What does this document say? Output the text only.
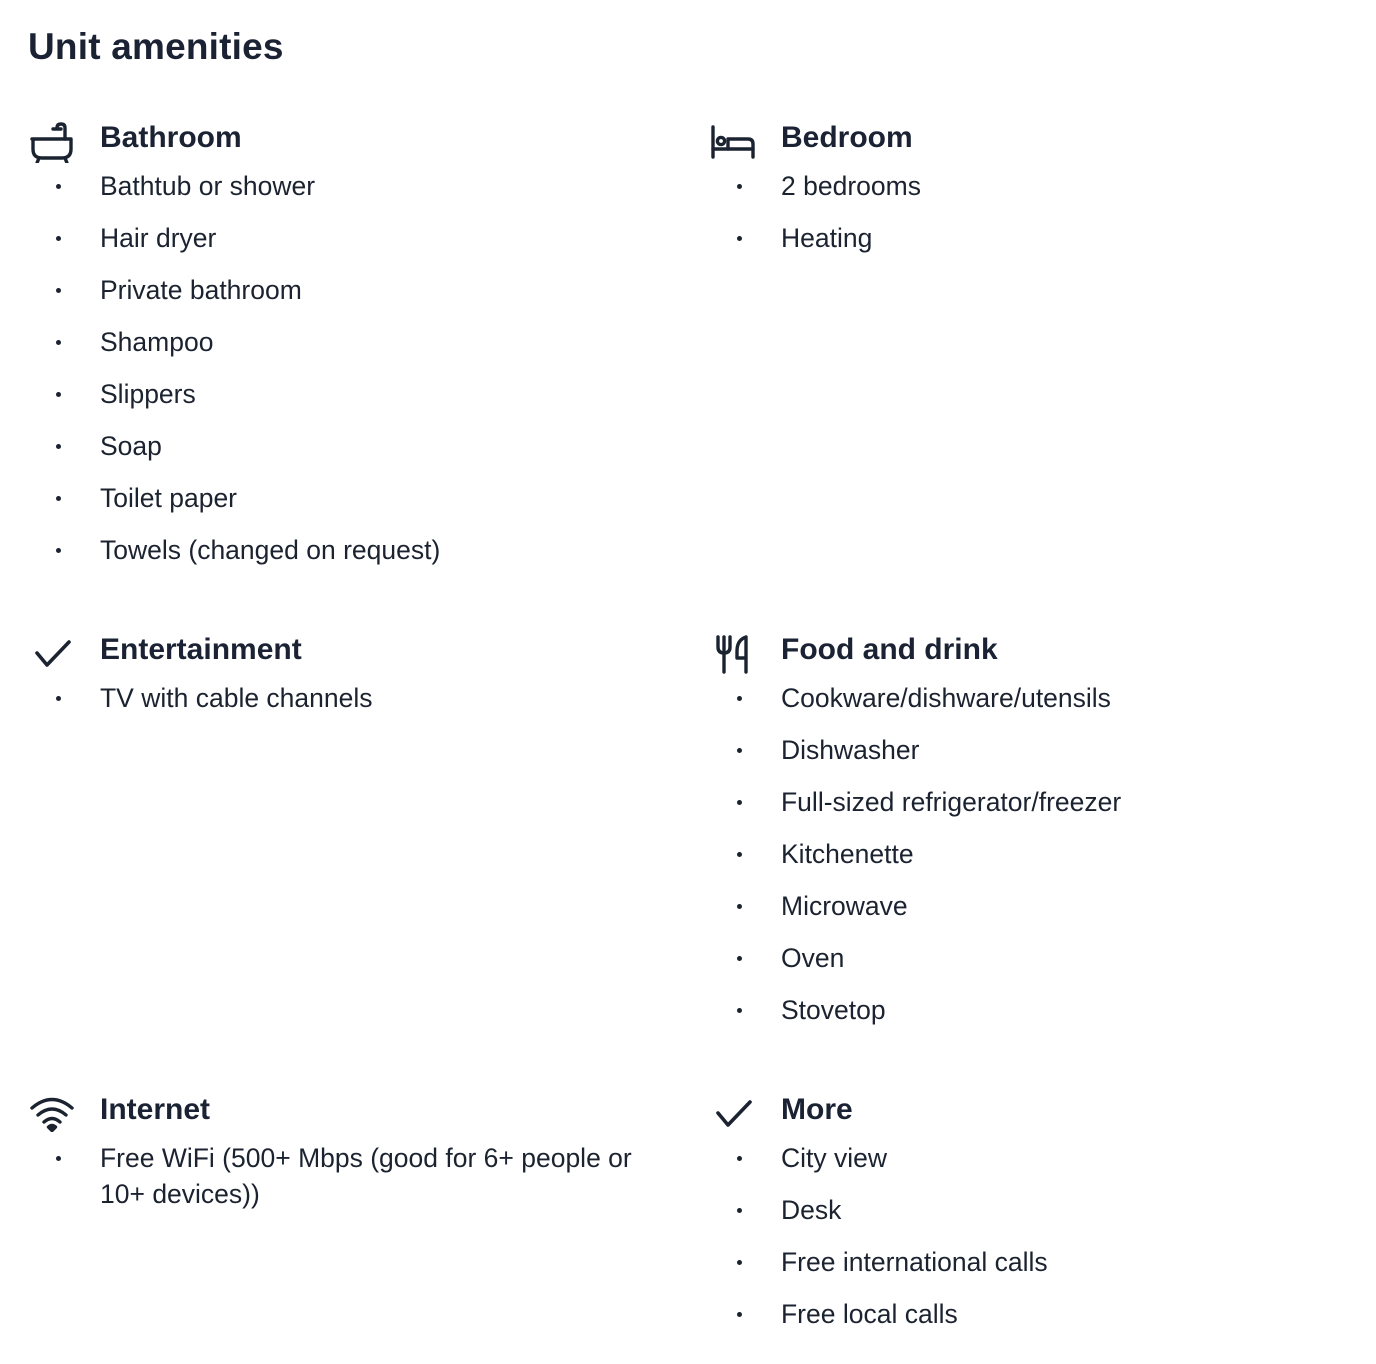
Unit amenities
Bathroom
Bathtub or shower
Hair dryer
Private bathroom
Shampoo
Slippers
Soap
Toilet paper
Towels (changed on request)
Bedroom
2 bedrooms
Heating
Entertainment
TV with cable channels
Food and drink
Cookware/dishware/utensils
Dishwasher
Full-sized refrigerator/freezer
Kitchenette
Microwave
Oven
Stovetop
Internet
Free WiFi (500+ Mbps (good for 6+ people or 10+ devices))
More
City view
Desk
Free international calls
Free local calls
